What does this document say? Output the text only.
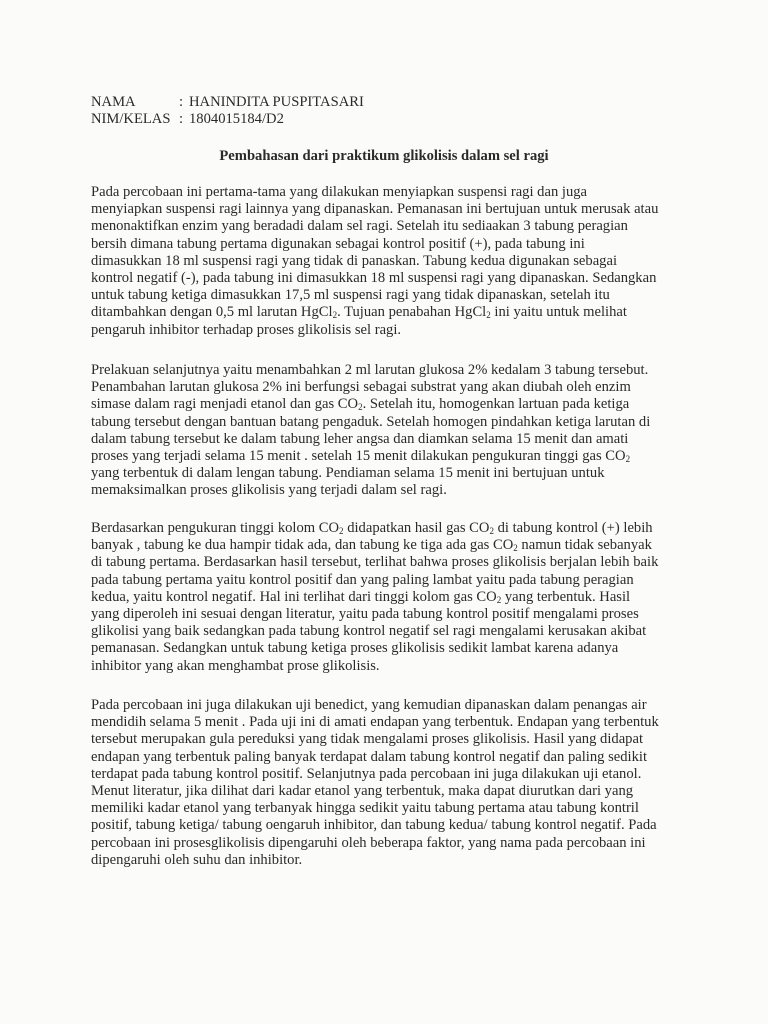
NAMA	: HANINDITA PUSPITASARI
NIM/KELAS : 1804015184/D2
Pembahasan dari praktikum glikolisis dalam sel ragi
Pada percobaan ini pertama-tama yang dilakukan menyiapkan suspensi ragi dan juga
menyiapkan suspensi ragi lainnya yang dipanaskan. Pemanasan ini bertujuan untuk merusak atau
menonaktifkan enzim yang beradadi dalam sel ragi. Setelah itu sediaakan 3 tabung peragian
bersih dimana tabung pertama digunakan sebagai kontrol positif (+), pada tabung ini
dimasukkan 18 ml suspensi ragi yang tidak di panaskan. Tabung kedua digunakan sebagai
kontrol negatif (-), pada tabung ini dimasukkan 18 ml suspensi ragi yang dipanaskan. Sedangkan
untuk tabung ketiga dimasukkan 17,5 ml suspensi ragi yang tidak dipanaskan, setelah itu
ditambahkan dengan 0,5 ml larutan HgCl$_2$. Tujuan penabahan HgCl$_2$ ini yaitu untuk melihat
pengaruh inhibitor terhadap proses glikolisis sel ragi.
Prelakuan selanjutnya yaitu menambahkan 2 ml larutan glukosa 2% kedalam 3 tabung tersebut.
Penambahan larutan glukosa 2% ini berfungsi sebagai substrat yang akan diubah oleh enzim
simase dalam ragi menjadi etanol dan gas $CO_2$. Setelah itu, homogenkan lartuan pada ketiga
tabung tersebut dengan bantuan batang pengaduk. Setelah homogen pindahkan ketiga larutan di
dalam tabung tersebut ke dalam tabung leher angsa dan diamkan selama 15 menit dan amati
proses yang terjadi selama 15 menit . setelah 15 menit dilakukan pengukuran tinggi gas $CO_2$
yang terbentuk di dalam lengan tabung. Pendiaman selama 15 menit ini bertujuan untuk
memaksimalkan proses glikolisis yang terjadi dalam sel ragi.
Berdasarkan pengukuran tinggi kolom $CO_2$ didapatkan hasil gas $CO_2$ di tabung kontrol (+) lebih
banyak , tabung ke dua hampir tidak ada, dan tabung ke tiga ada gas $CO_2$ namun tidak sebanyak
di tabung pertama. Berdasarkan hasil tersebut, terlihat bahwa proses glikolisis berjalan lebih baik
pada tabung pertama yaitu kontrol positif dan yang paling lambat yaitu pada tabung peragian
kedua, yaitu kontrol negatif. Hal ini terlihat dari tinggi kolom gas $CO_2$ yang terbentuk. Hasil
yang diperoleh ini sesuai dengan literatur, yaitu pada tabung kontrol positif mengalami proses
glikolisi yang baik sedangkan pada tabung kontrol negatif sel ragi mengalami kerusakan akibat
pemanasan. Sedangkan untuk tabung ketiga proses glikolisis sedikit lambat karena adanya
inhibitor yang akan menghambat prose glikolisis.
Pada percobaan ini juga dilakukan uji benedict, yang kemudian dipanaskan dalam penangas air
mendidih selama 5 menit . Pada uji ini di amati endapan yang terbentuk. Endapan yang terbentuk
tersebut merupakan gula pereduksi yang tidak mengalami proses glikolisis. Hasil yang didapat
endapan yang terbentuk paling banyak terdapat dalam tabung kontrol negatif dan paling sedikit
terdapat pada tabung kontrol positif. Selanjutnya pada percobaan ini juga dilakukan uji etanol.
Menut literatur, jika dilihat dari kadar etanol yang terbentuk, maka dapat diurutkan dari yang
memiliki kadar etanol yang terbanyak hingga sedikit yaitu tabung pertama atau tabung kontril
positif, tabung ketiga/ tabung oengaruh inhibitor, dan tabung kedua/ tabung kontrol negatif. Pada
percobaan ini prosesglikolisis dipengaruhi oleh beberapa faktor, yang nama pada percobaan ini
dipengaruhi oleh suhu dan inhibitor.
